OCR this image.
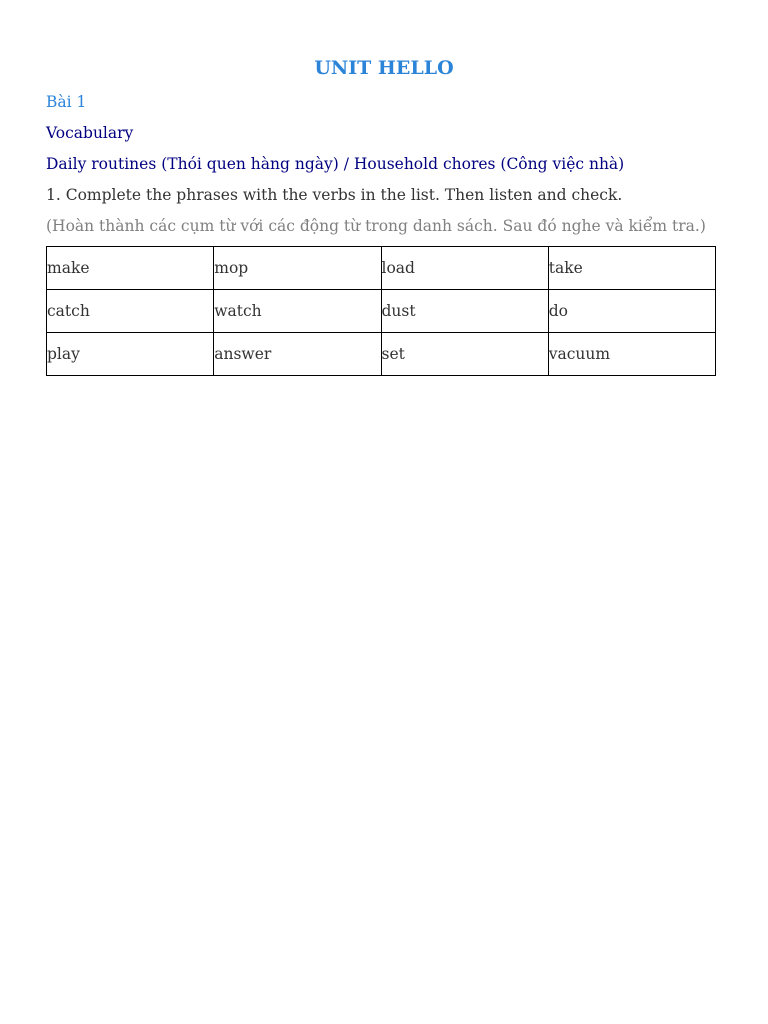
UNIT HELLO
Bài 1
Vocabulary
Daily routines (Thói quen hàng ngày) / Household chores (Công việc nhà)
1. Complete the phrases with the verbs in the list. Then listen and check.
(Hoàn thành các cụm từ với các động từ trong danh sách. Sau đó nghe và kiểm tra.)
make	mop	load	take
catch	watch	dust	do
play	answer	set	vacuum
